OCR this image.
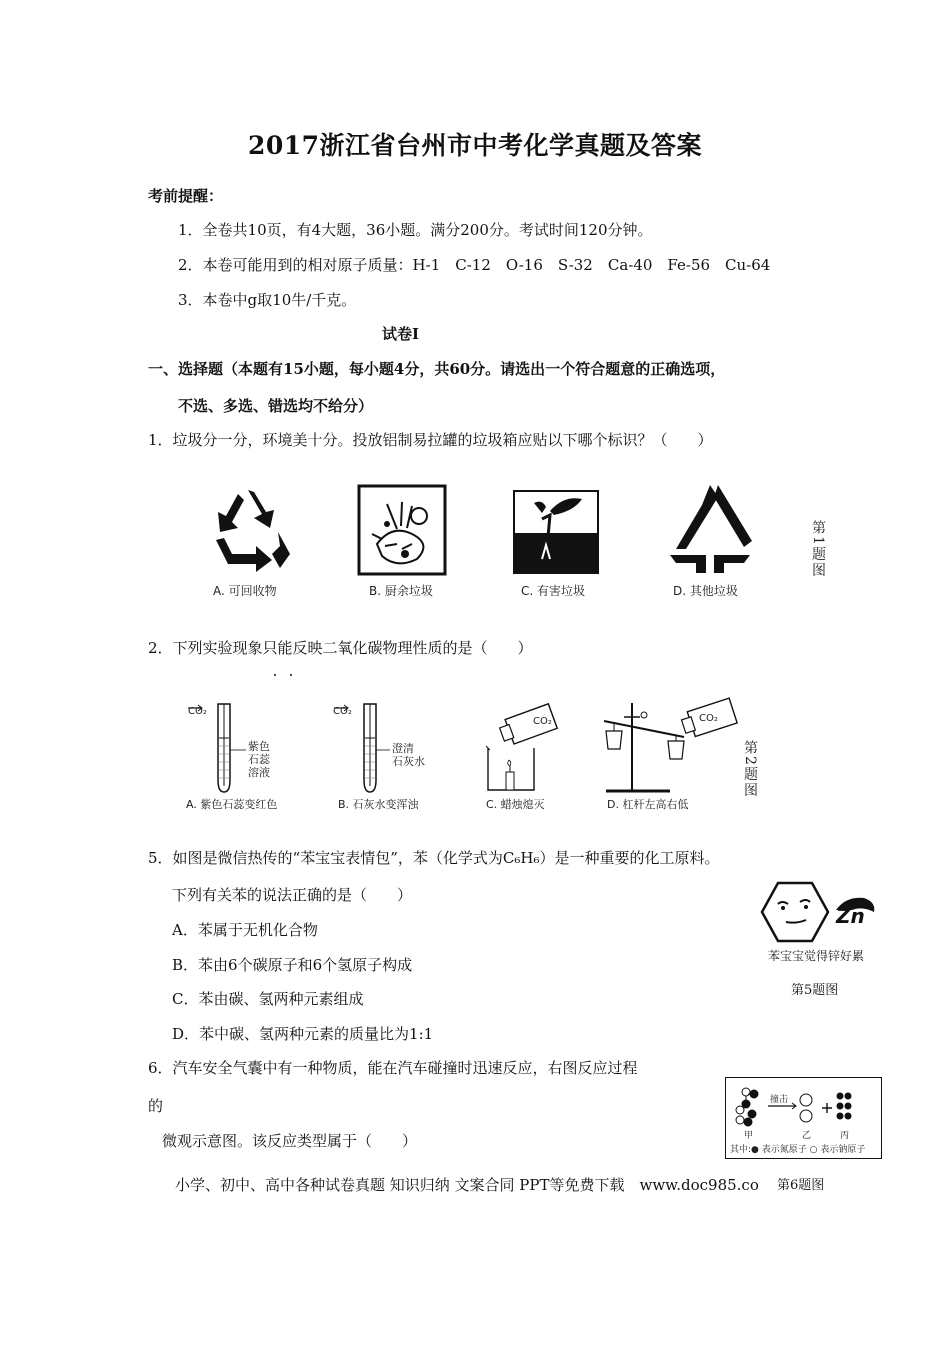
2017浙江省台州市中考化学真题及答案
考前提醒：
1．全卷共10页，有4大题，36小题。满分200分。考试时间120分钟。
2．本卷可能用到的相对原子质量：H-1　C-12　O-16　S-32　Ca-40　Fe-56　Cu-64
3．本卷中g取10牛/千克。
试卷Ⅰ
一、选择题（本题有15小题，每小题4分，共60分。请选出一个符合题意的正确选项，
不选、多选、错选均不给分）
1．垃圾分一分，环境美十分。投放铝制易拉罐的垃圾箱应贴以下哪个标识？（　　）
A. 可回收物	B. 厨余垃圾	C. 有害垃圾	D. 其他垃圾
第1题图
2．下列实验现象只能反映二氧化碳物理性质的是（　　）
CO₂
紫色
石蕊
溶液
A. 紫色石蕊变红色
CO₂
澄清
石灰水
B. 石灰水变浑浊
CO₂
C. 蜡烛熄灭
CO₂
D. 杠杆左高右低
第2题图
5．如图是微信热传的“苯宝宝表情包”，苯（化学式为C₆H₆）是一种重要的化工原料。
下列有关苯的说法正确的是（　　）
A．苯属于无机化合物
B．苯由6个碳原子和6个氢原子构成
C．苯由碳、氢两种元素组成
D．苯中碳、氢两种元素的质量比为1:1
Zn
苯宝宝觉得锌好累
第5题图
6．汽车安全气囊中有一种物质，能在汽车碰撞时迅速反应，右图反应过程
的
微观示意图。该反应类型属于（　　）
撞击
甲	乙	丙
其中:● 表示氮原子 ○ 表示钠原子
小学、初中、高中各种试卷真题 知识归纳 文案合同 PPT等免费下载　www.doc985.co 第6题图
